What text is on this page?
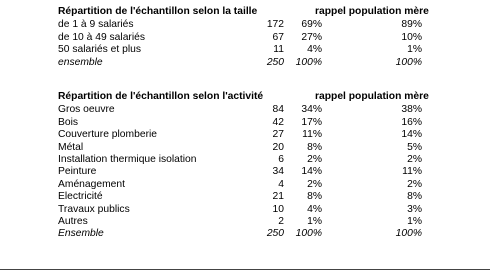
Répartition de l'échantillon selon la taille	rappel population mère
de 1 à 9 salariés	172	69%	89%
de 10 à 49 salariés	67	27%	10%
50 salariés et plus	11	4%	1%
ensemble	250	100%	100%
Répartition de l'échantillon selon l'activité	rappel population mère
Gros oeuvre	84	34%	38%
Bois	42	17%	16%
Couverture plomberie	27	11%	14%
Métal	20	8%	5%
Installation thermique isolation	6	2%	2%
Peinture	34	14%	11%
Aménagement	4	2%	2%
Electricité	21	8%	8%
Travaux publics	10	4%	3%
Autres	2	1%	1%
Ensemble	250	100%	100%
